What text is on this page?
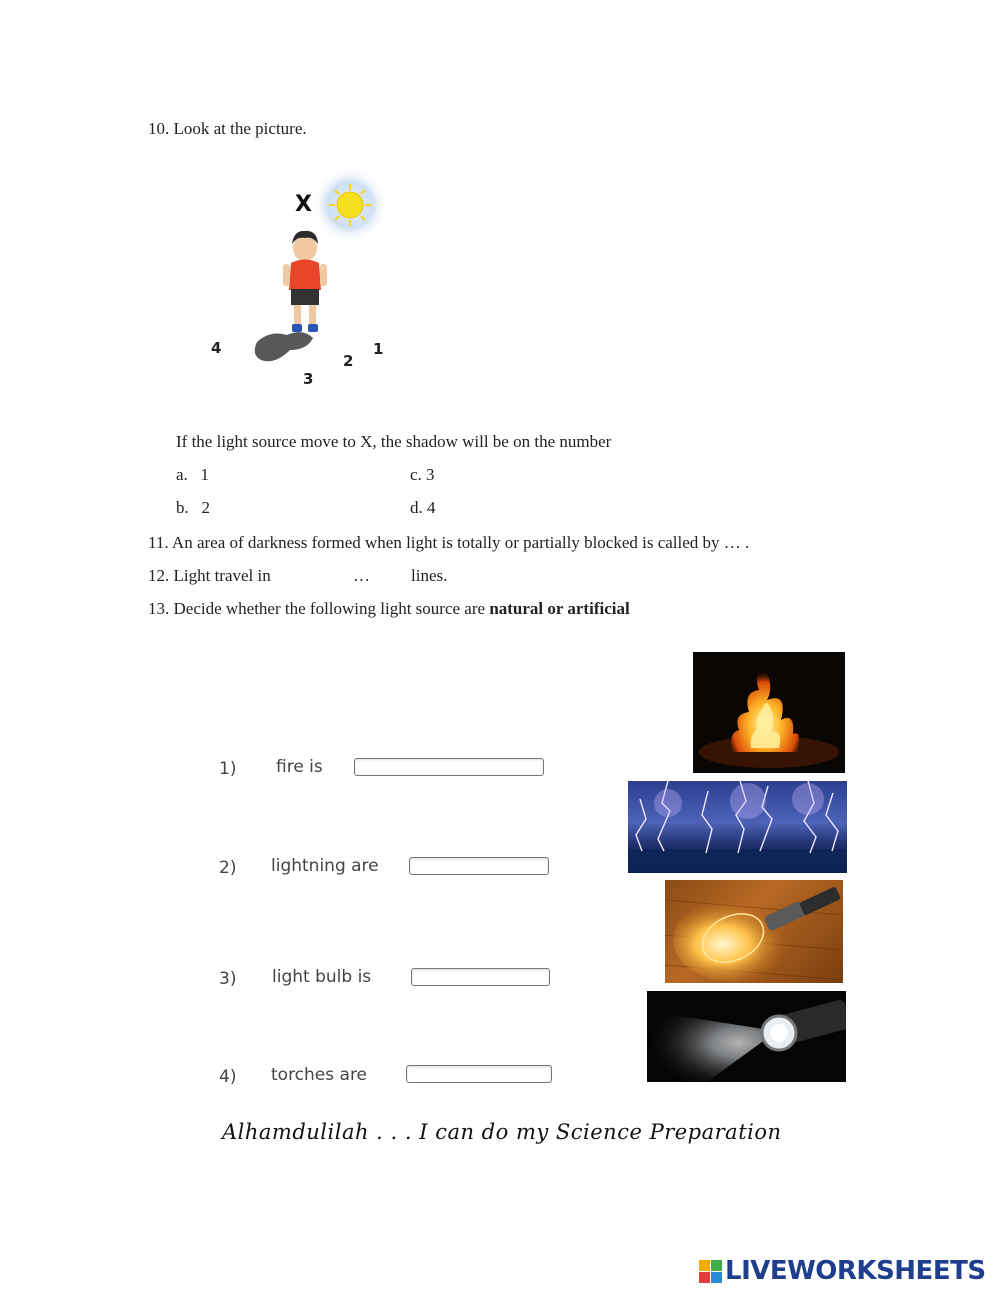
10. Look at the picture.
X
4
3
2
1
If the light source move to X, the shadow will be on the number
a. 1
b. 2
c. 3
d. 4
11. An area of darkness formed when light is totally or partially blocked is called by … .
12. Light travel in	… lines.
13. Decide whether the following light source are natural or artificial
1) fire is
2) lightning are
3) light bulb is
4) torches are
Alhamdulilah . . . I can do my Science Preparation
LIVEWORKSHEETS
